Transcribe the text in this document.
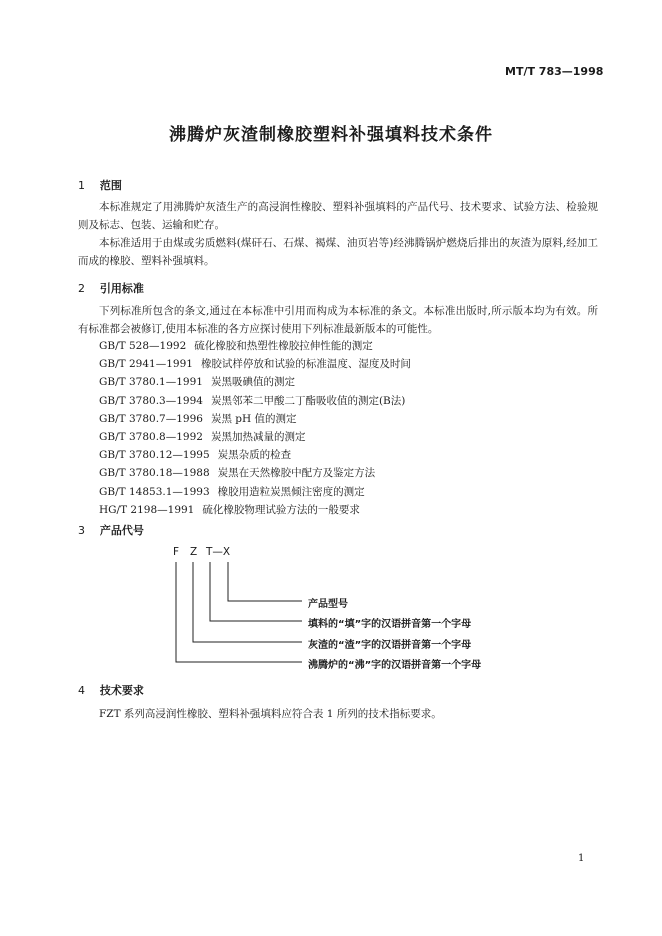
MT/T 783—1998
沸腾炉灰渣制橡胶塑料补强填料技术条件
1 范围
本标准规定了用沸腾炉灰渣生产的高浸润性橡胶、塑料补强填料的产品代号、技术要求、试验方法、检验规则及标志、包装、运输和贮存。
本标准适用于由煤或劣质燃料(煤矸石、石煤、褐煤、油页岩等)经沸腾锅炉燃烧后排出的灰渣为原料,经加工而成的橡胶、塑料补强填料。
2 引用标准
下列标准所包含的条文,通过在本标准中引用而构成为本标准的条文。本标准出版时,所示版本均为有效。所有标准都会被修订,使用本标准的各方应探讨使用下列标准最新版本的可能性。
GB/T 528—1992 硫化橡胶和热塑性橡胶拉伸性能的测定
GB/T 2941—1991 橡胶试样停放和试验的标准温度、湿度及时间
GB/T 3780.1—1991 炭黑吸碘值的测定
GB/T 3780.3—1994 炭黑邻苯二甲酸二丁酯吸收值的测定(B法)
GB/T 3780.7—1996 炭黑 pH 值的测定
GB/T 3780.8—1992 炭黑加热减量的测定
GB/T 3780.12—1995 炭黑杂质的检查
GB/T 3780.18—1988 炭黑在天然橡胶中配方及鉴定方法
GB/T 14853.1—1993 橡胶用造粒炭黑倾注密度的测定
HG/T 2198—1991 硫化橡胶物理试验方法的一般要求
3 产品代号
F Z T—X
产品型号
填料的“填”字的汉语拼音第一个字母
灰渣的“渣”字的汉语拼音第一个字母
沸腾炉的“沸”字的汉语拼音第一个字母
4 技术要求
FZT 系列高浸润性橡胶、塑料补强填料应符合表 1 所列的技术指标要求。
1
